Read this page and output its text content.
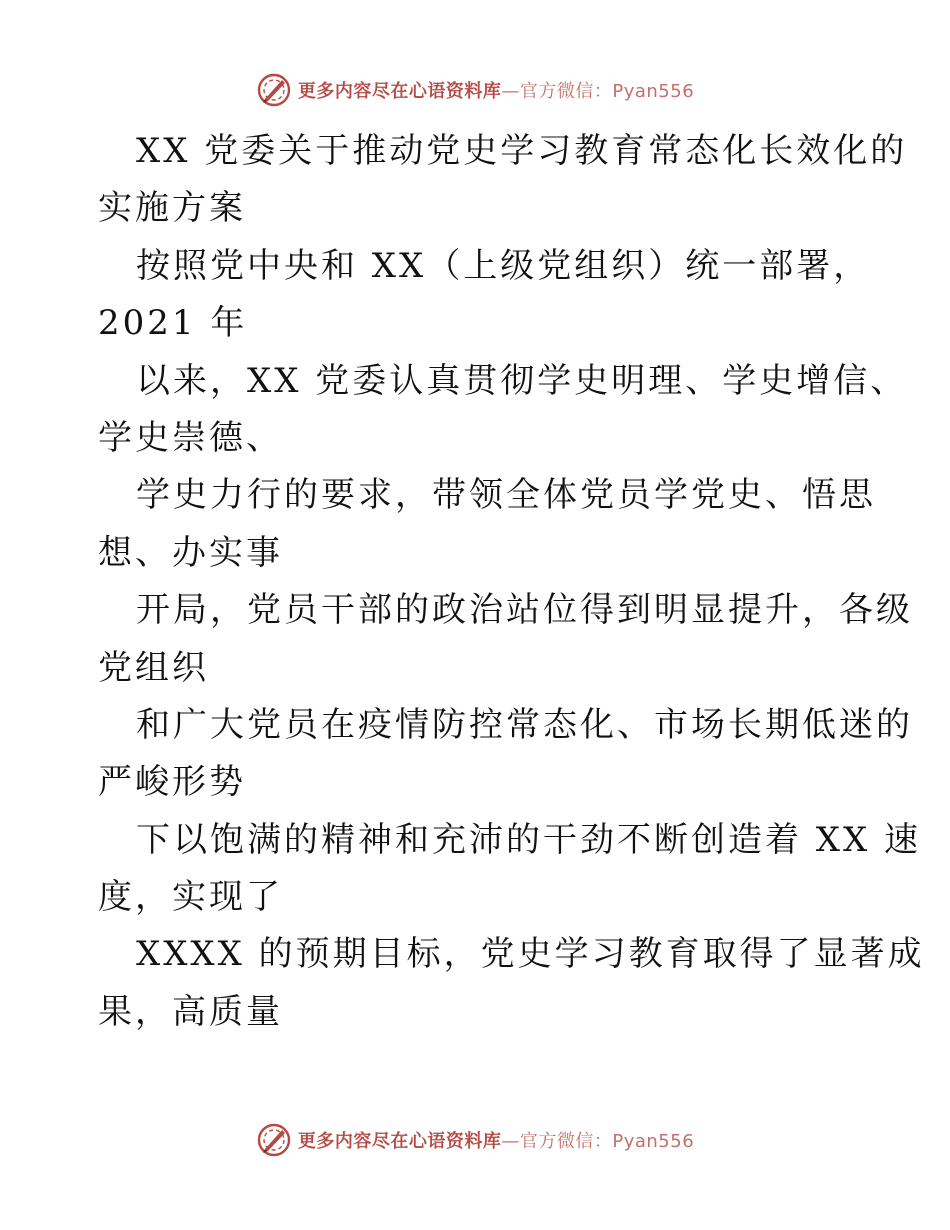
更多内容尽在心语资料库—官方微信：Pyan556
XX 党委关于推动党史学习教育常态化长效化的
实施方案
按照党中央和 XX（上级党组织）统一部署，
2021 年
以来，XX 党委认真贯彻学史明理、学史增信、
学史崇德、
学史力行的要求，带领全体党员学党史、悟思
想、办实事
开局，党员干部的政治站位得到明显提升，各级
党组织
和广大党员在疫情防控常态化、市场长期低迷的
严峻形势
下以饱满的精神和充沛的干劲不断创造着 XX 速
度，实现了
XXXX 的预期目标，党史学习教育取得了显著成
果，高质量
更多内容尽在心语资料库—官方微信：Pyan556
